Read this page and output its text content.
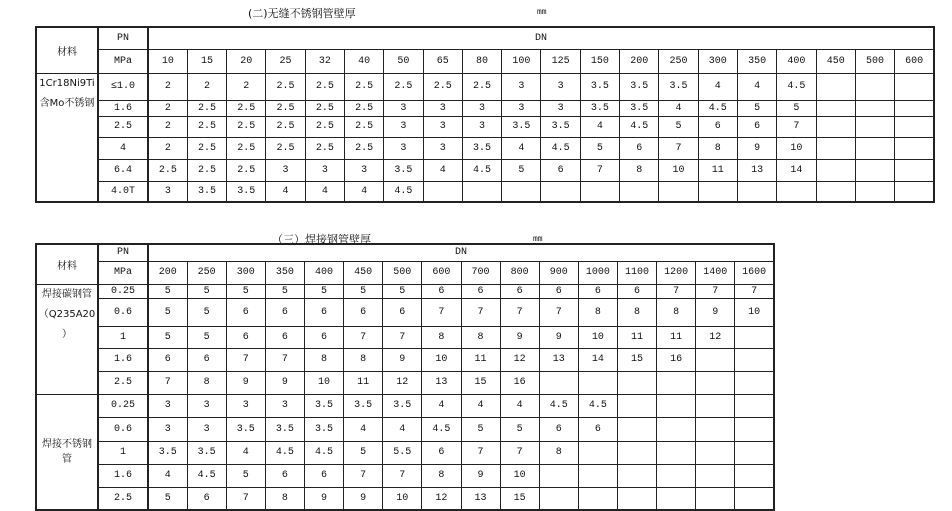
(二)无缝不锈钢管壁厚	mm
材料	PN	DN																			
	MPa	10	15	20	25	32	40	50	65	80	100	125	150	200	250	300	350	400	450	500	600

1Cr18Ni9Ti
含Mo不锈钢	≤1.0	2	2	2	2.5	2.5	2.5	2.5	2.5	2.5	3	3	3.5	3.5	3.5	4	4	4.5			
	1.6	2	2.5	2.5	2.5	2.5	2.5	3	3	3	3	3	3.5	3.5	4	4.5	5	5			
	2.5	2	2.5	2.5	2.5	2.5	2.5	3	3	3	3.5	3.5	4	4.5	5	6	6	7			
	4	2	2.5	2.5	2.5	2.5	2.5	3	3	3.5	4	4.5	5	6	7	8	9	10			
	6.4	2.5	2.5	2.5	3	3	3	3.5	4	4.5	5	6	7	8	10	11	13	14			
	4.0T	3	3.5	3.5	4	4	4	4.5													
（三）焊接钢管壁厚	mm
材料	PN	DN															
	MPa	200	250	300	350	400	450	500	600	700	800	900	1000	1100	1200	1400	1600

焊接碳钢管
（Q235A20
）	0.25	5	5	5	5	5	5	5	6	6	6	6	6	6	7	7	7
	0.6	5	5	6	6	6	6	6	7	7	7	7	8	8	8	9	10
	1	5	5	6	6	6	7	7	8	8	9	9	10	11	11	12	
	1.6	6	6	7	7	8	8	9	10	11	12	13	14	15	16		
	2.5	7	8	9	9	10	11	12	13	15	16						

焊接不锈钢
管	0.25	3	3	3	3	3.5	3.5	3.5	4	4	4	4.5	4.5				
	0.6	3	3	3.5	3.5	3.5	4	4	4.5	5	5	6	6				
	1	3.5	3.5	4	4.5	4.5	5	5.5	6	7	7	8					
	1.6	4	4.5	5	6	6	7	7	8	9	10						
	2.5	5	6	7	8	9	9	10	12	13	15						
